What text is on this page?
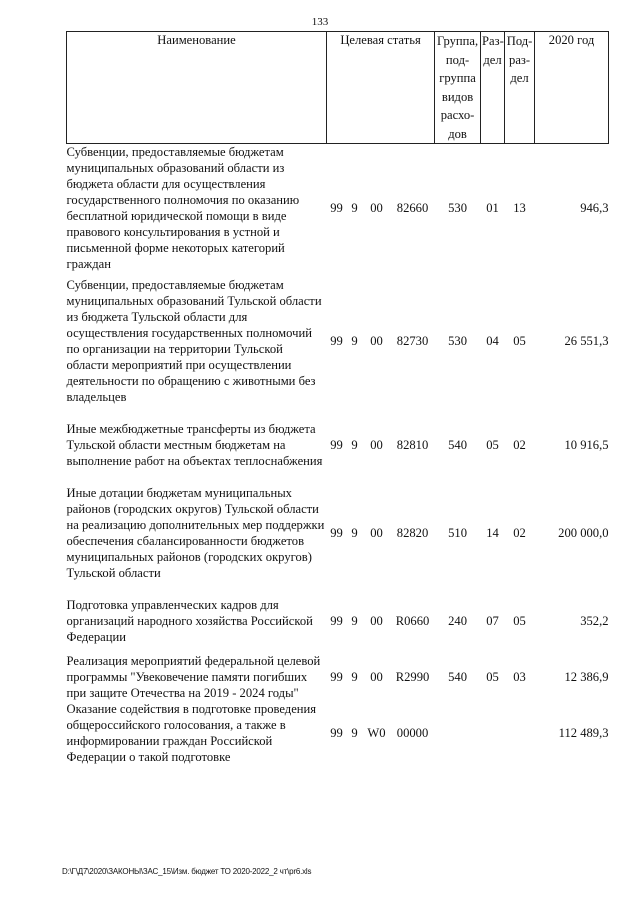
133
Наименование	Целевая статья				Группа, под-группа видов расхо-дов	Раз-дел	Под-раз-дел	2020 год
Субвенции, предоставляемые бюджетам муниципальных образований области из бюджета области для осуществления государственного полномочия по оказанию бесплатной юридической помощи в виде правового консультирования в устной и письменной форме некоторых категорий граждан	99	9	00	82660	530	01	13	946,3

Субвенции, предоставляемые бюджетам муниципальных образований Тульской области из бюджета Тульской области для осуществления государственных полномочий по организации на территории Тульской области мероприятий при осуществлении деятельности по обращению с животными без владельцев	99	9	00	82730	530	04	05	26 551,3

Иные межбюджетные трансферты из бюджета Тульской области местным бюджетам на выполнение работ на объектах теплоснабжения	99	9	00	82810	540	05	02	10 916,5

Иные дотации бюджетам муниципальных районов (городских округов) Тульской области на реализацию дополнительных мер поддержки обеспечения сбалансированности бюджетов муниципальных районов (городских округов) Тульской области	99	9	00	82820	510	14	02	200 000,0

Подготовка управленческих кадров для организаций народного хозяйства Российской Федерации	99	9	00	R0660	240	07	05	352,2

Реализация мероприятий федеральной целевой программы "Увековечение памяти погибших при защите Отечества на 2019 - 2024 годы"	99	9	00	R2990	540	05	03	12 386,9
Оказание содействия в подготовке проведения общероссийского голосования, а также в информировании граждан Российской Федерации о такой подготовке	99	9	W0	00000				112 489,3

D:\Г\Д7\2020\ЗАКОНЫ\ЗАС_15\Изм. бюджет ТО 2020-2022_2 чт\pr6.xls
